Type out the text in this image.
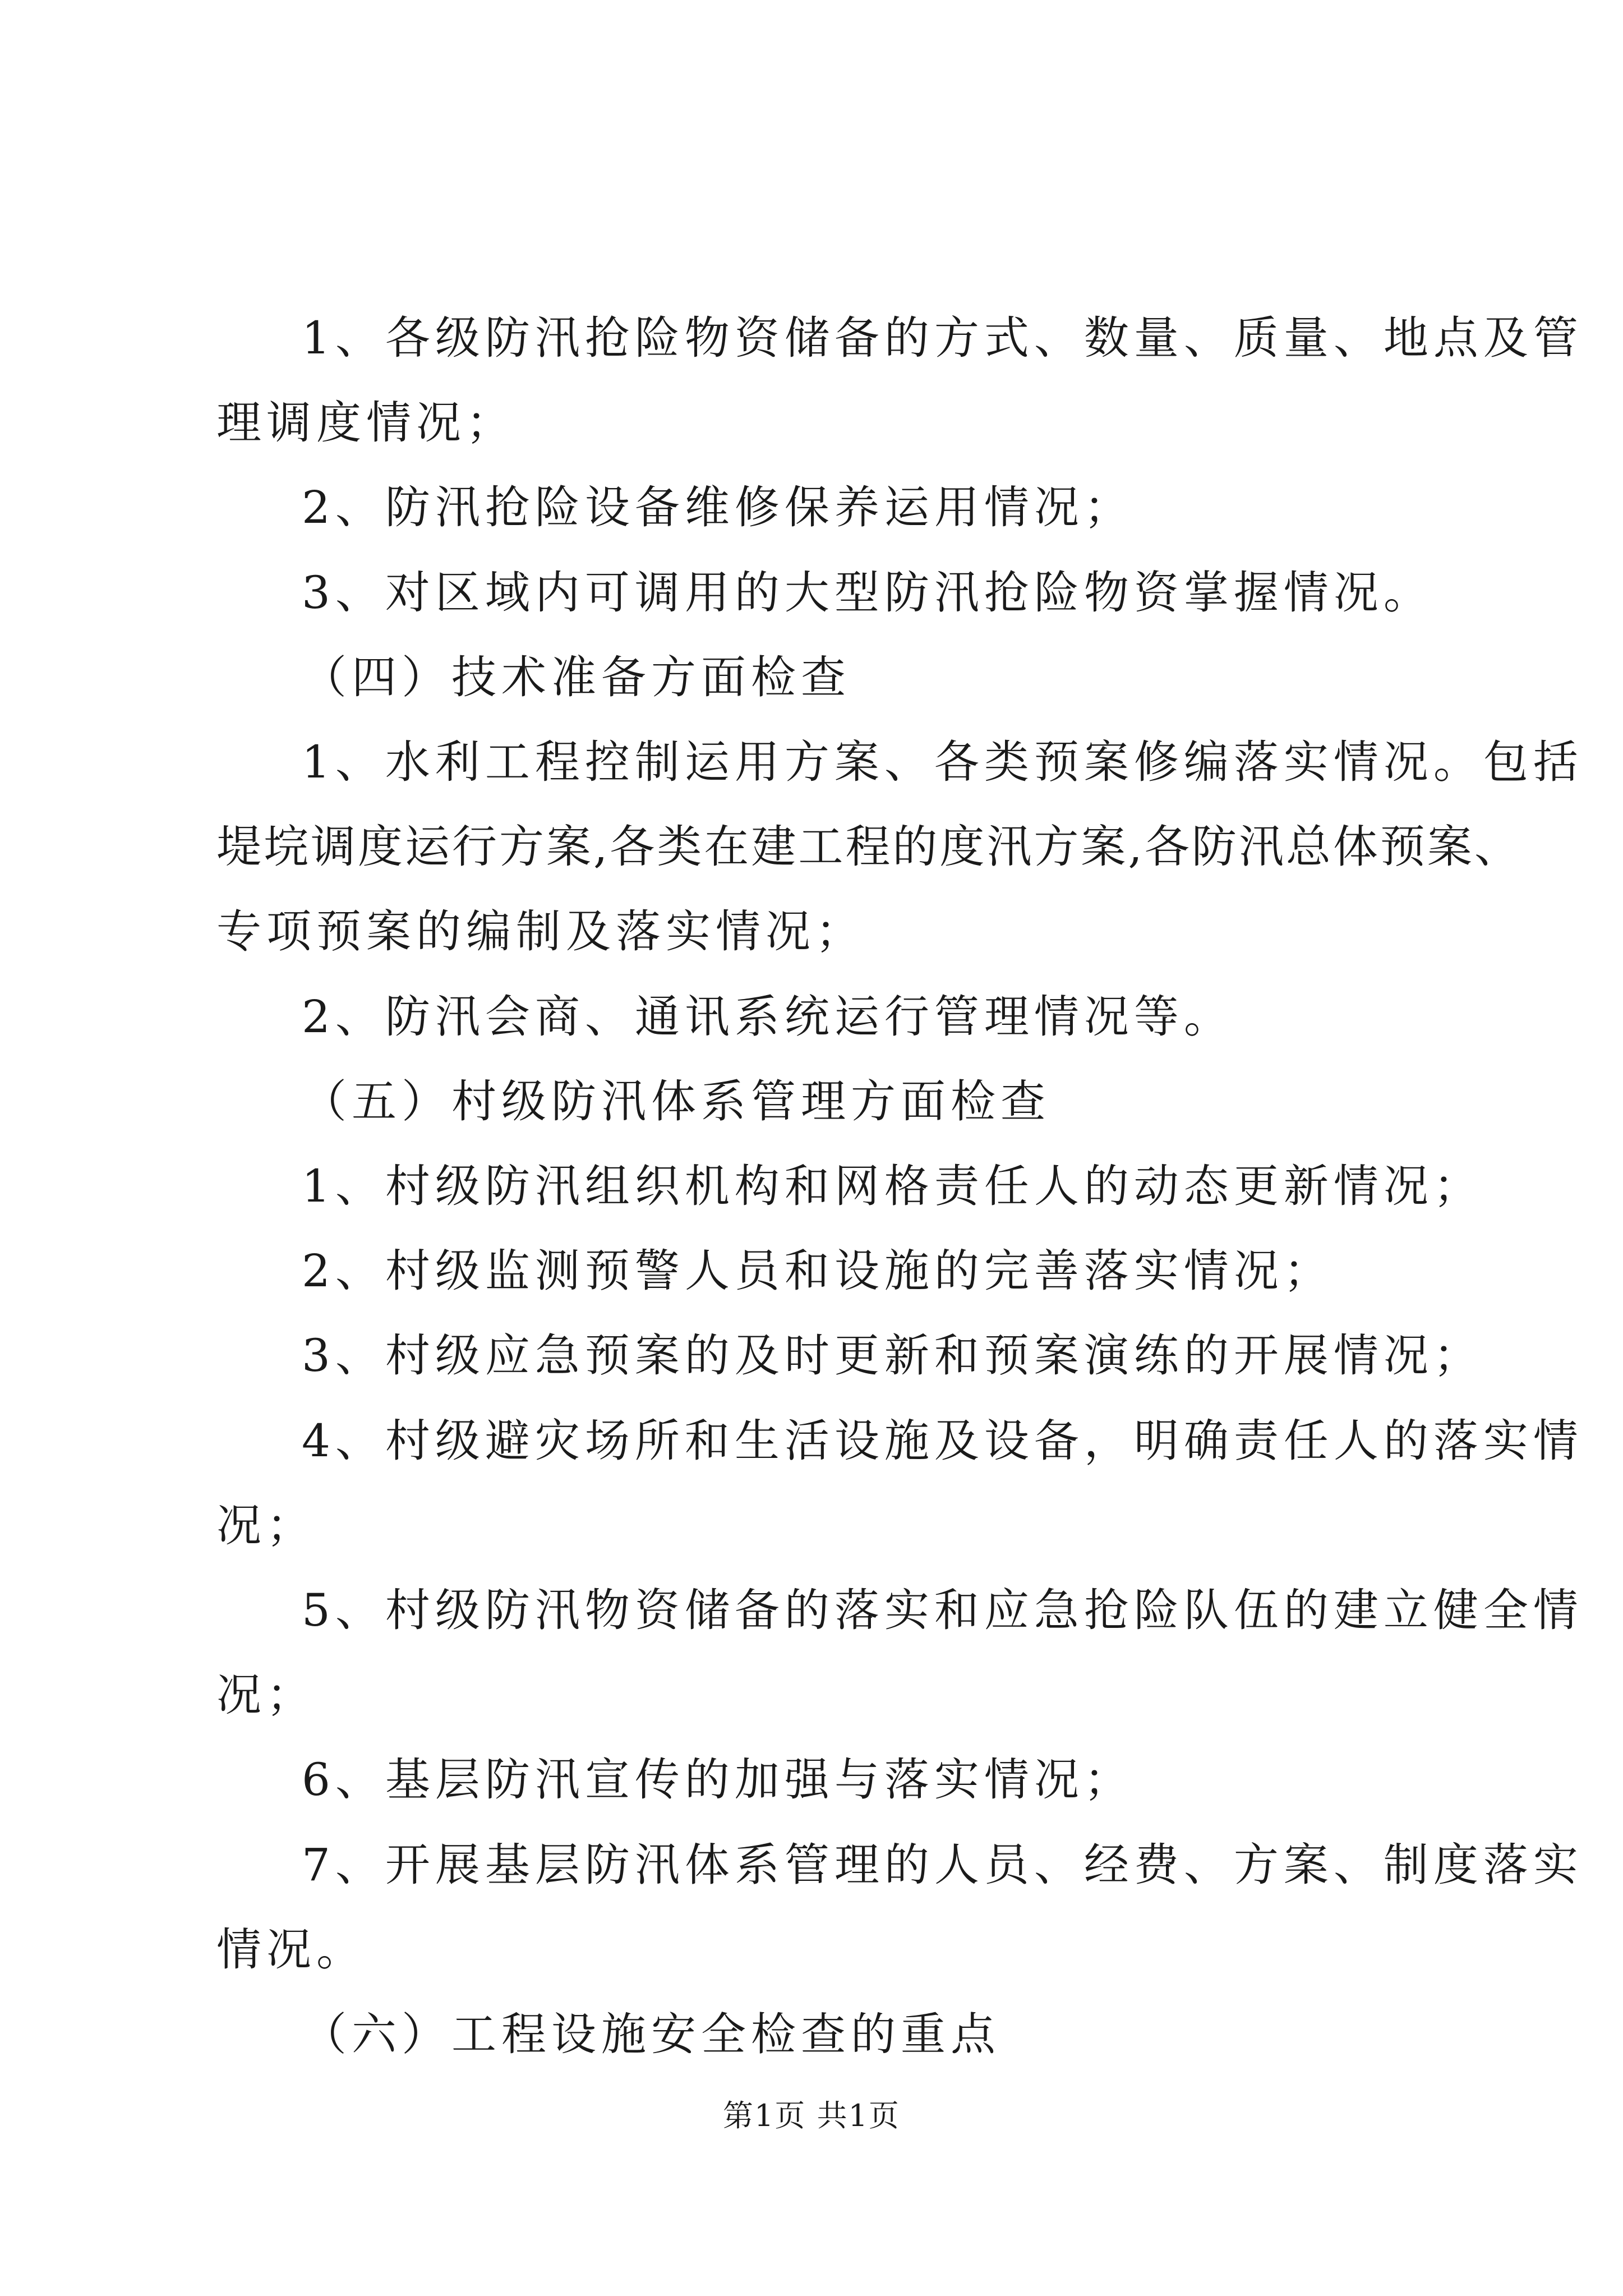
1、各级防汛抢险物资储备的方式、数量、质量、地点及管
理调度情况；
2、防汛抢险设备维修保养运用情况；
3、对区域内可调用的大型防汛抢险物资掌握情况。
（四）技术准备方面检查
1、水利工程控制运用方案、各类预案修编落实情况。包括
堤垸调度运行方案,各类在建工程的度汛方案,各防汛总体预案、
专项预案的编制及落实情况；
2、防汛会商、通讯系统运行管理情况等。
（五）村级防汛体系管理方面检查
1、村级防汛组织机构和网格责任人的动态更新情况；
2、村级监测预警人员和设施的完善落实情况；
3、村级应急预案的及时更新和预案演练的开展情况；
4、村级避灾场所和生活设施及设备，明确责任人的落实情
况；
5、村级防汛物资储备的落实和应急抢险队伍的建立健全情
况；
6、基层防汛宣传的加强与落实情况；
7、开展基层防汛体系管理的人员、经费、方案、制度落实
情况。
（六）工程设施安全检查的重点
第1页 共1页
